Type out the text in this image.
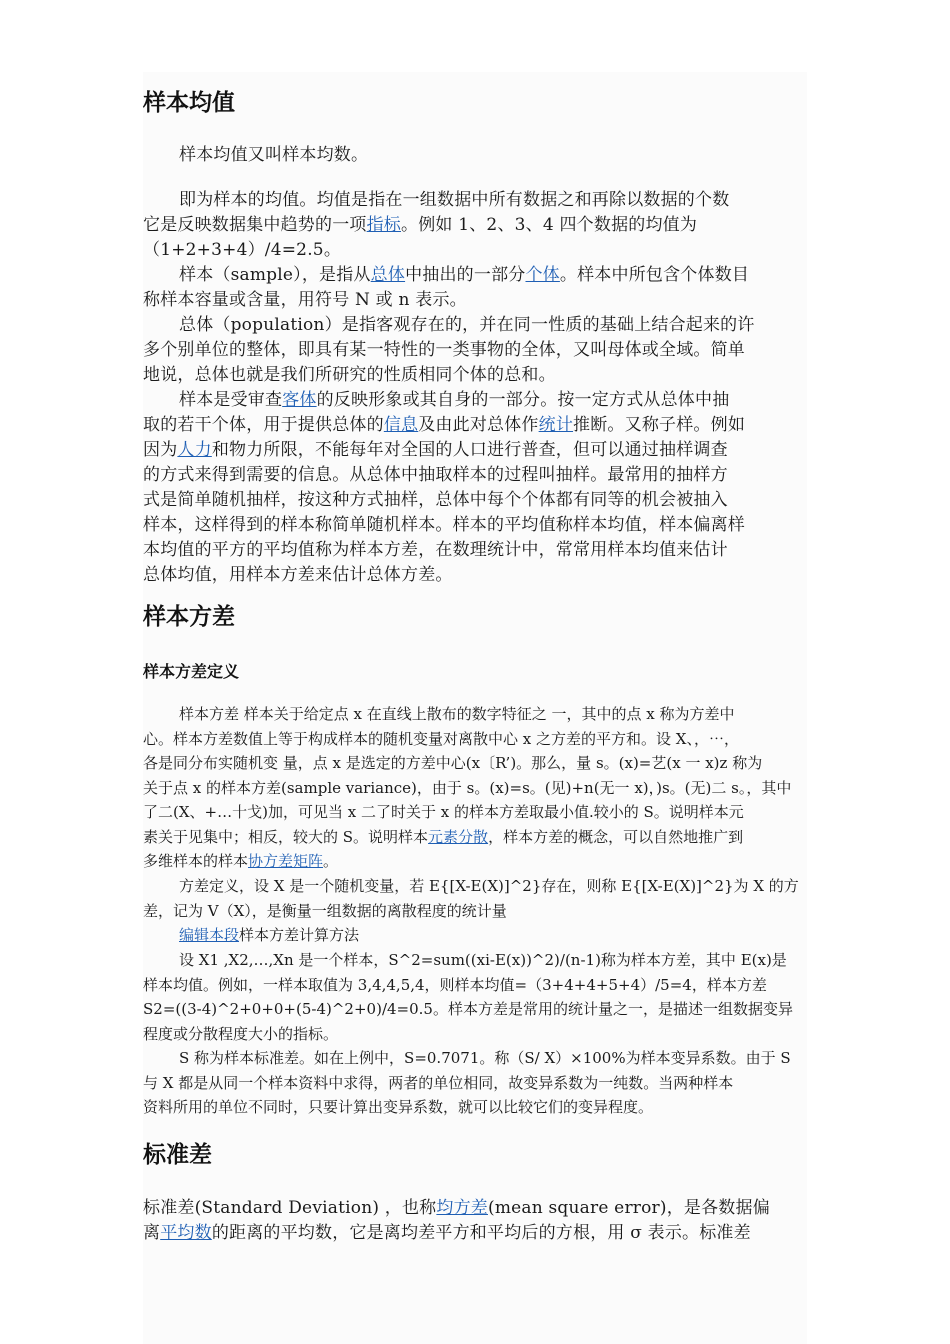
样本均值
样本均值又叫样本均数。
即为样本的均值。均值是指在一组数据中所有数据之和再除以数据的个数
它是反映数据集中趋势的一项指标。例如 1、2、3、4 四个数据的均值为
（1+2+3+4）/4=2.5。
样本（sample），是指从总体中抽出的一部分个体。样本中所包含个体数目
称样本容量或含量，用符号 N 或 n 表示。
总体（population）是指客观存在的，并在同一性质的基础上结合起来的许
多个别单位的整体，即具有某一特性的一类事物的全体，又叫母体或全域。简单
地说，总体也就是我们所研究的性质相同个体的总和。
样本是受审查客体的反映形象或其自身的一部分。按一定方式从总体中抽
取的若干个体，用于提供总体的信息及由此对总体作统计推断。又称子样。例如
因为人力和物力所限，不能每年对全国的人口进行普查，但可以通过抽样调查
的方式来得到需要的信息。从总体中抽取样本的过程叫抽样。最常用的抽样方
式是简单随机抽样，按这种方式抽样，总体中每个个体都有同等的机会被抽入
样本，这样得到的样本称简单随机样本。样本的平均值称样本均值，样本偏离样
本均值的平方的平均值称为样本方差，在数理统计中，常常用样本均值来估计
总体均值，用样本方差来估计总体方差。
样本方差
样本方差定义
样本方差 样本关于给定点 x 在直线上散布的数字特征之 一，其中的点 x 称为方差中
心。样本方差数值上等于构成样本的随机变量对离散中心 x 之方差的平方和。设 X、，⋯，
各是同分布实随机变 量，点 x 是选定的方差中心(x〔R’)。那么，量 s。(x)=艺(x 一 x)z 称为
关于点 x 的样本方差(sample variance)，由于 s。(x)=s。(见)+n(无一 x)，)s。(无)二 s。，其中
了二(X、+…十戈)加，可见当 x 二了时关于 x 的样本方差取最小值.较小的 S。说明样本元
素关于见集中；相反，较大的 S。说明样本元素分散，样本方差的概念，可以自然地推广到
多维样本的样本协方差矩阵。
方差定义，设 X 是一个随机变量，若 E{[X-E(X)]^2}存在，则称 E{[X-E(X)]^2}为 X 的方
差，记为 V（X），是衡量一组数据的离散程度的统计量
编辑本段样本方差计算方法
设 X1 ,X2,…,Xn 是一个样本，S^2=sum((xi-E(x))^2)/(n-1)称为样本方差，其中 E(x)是
样本均值。例如，一样本取值为 3,4,4,5,4，则样本均值=（3+4+4+5+4）/5=4，样本方差
S2=((3-4)^2+0+0+(5-4)^2+0)/4=0.5。样本方差是常用的统计量之一，是描述一组数据变异
程度或分散程度大小的指标。
S 称为样本标准差。如在上例中，S=0.7071。称（S/ X）×100%为样本变异系数。由于 S
与 X 都是从同一个样本资料中求得，两者的单位相同，故变异系数为一纯数。当两种样本
资料所用的单位不同时，只要计算出变异系数，就可以比较它们的变异程度。
标准差
标准差(Standard Deviation) ，也称均方差(mean square error)，是各数据偏
离平均数的距离的平均数，它是离均差平方和平均后的方根，用 σ 表示。标准差
